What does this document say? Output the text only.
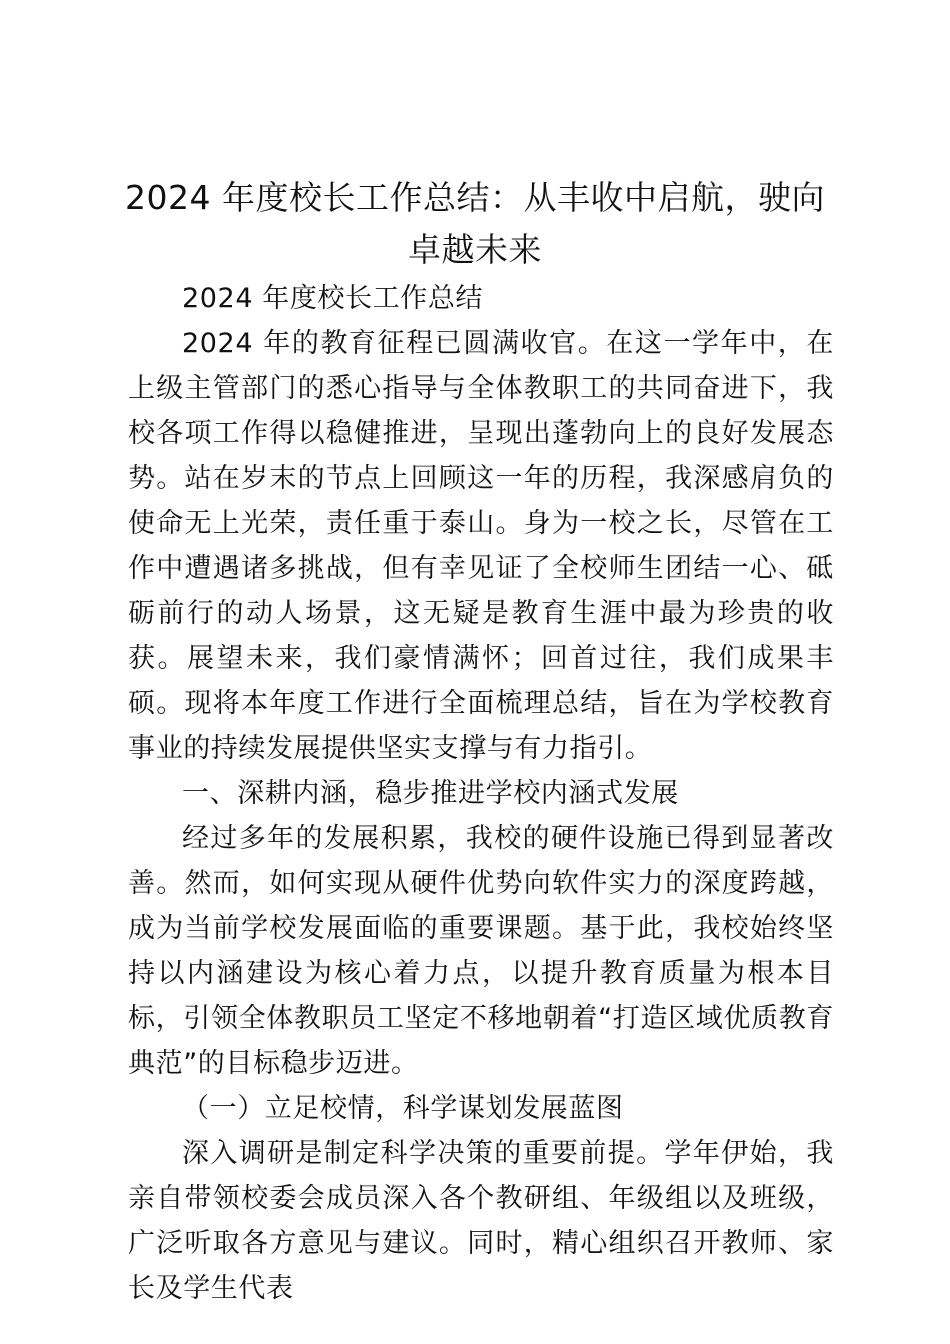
2024 年度校长工作总结：从丰收中启航，驶向卓越未来

2024 年度校长工作总结

2024 年的教育征程已圆满收官。在这一学年中，在上级主管部门的悉心指导与全体教职工的共同奋进下，我校各项工作得以稳健推进，呈现出蓬勃向上的良好发展态势。站在岁末的节点上回顾这一年的历程，我深感肩负的使命无上光荣，责任重于泰山。身为一校之长，尽管在工作中遭遇诸多挑战，但有幸见证了全校师生团结一心、砥砺前行的动人场景，这无疑是教育生涯中最为珍贵的收获。展望未来，我们豪情满怀；回首过往，我们成果丰硕。现将本年度工作进行全面梳理总结，旨在为学校教育事业的持续发展提供坚实支撑与有力指引。

一、深耕内涵，稳步推进学校内涵式发展

经过多年的发展积累，我校的硬件设施已得到显著改善。然而，如何实现从硬件优势向软件实力的深度跨越，成为当前学校发展面临的重要课题。基于此，我校始终坚持以内涵建设为核心着力点，以提升教育质量为根本目标，引领全体教职员工坚定不移地朝着“打造区域优质教育典范”的目标稳步迈进。

（一）立足校情，科学谋划发展蓝图

深入调研是制定科学决策的重要前提。学年伊始，我亲自带领校委会成员深入各个教研组、年级组以及班级，广泛听取各方意见与建议。同时，精心组织召开教师、家长及学生代表
